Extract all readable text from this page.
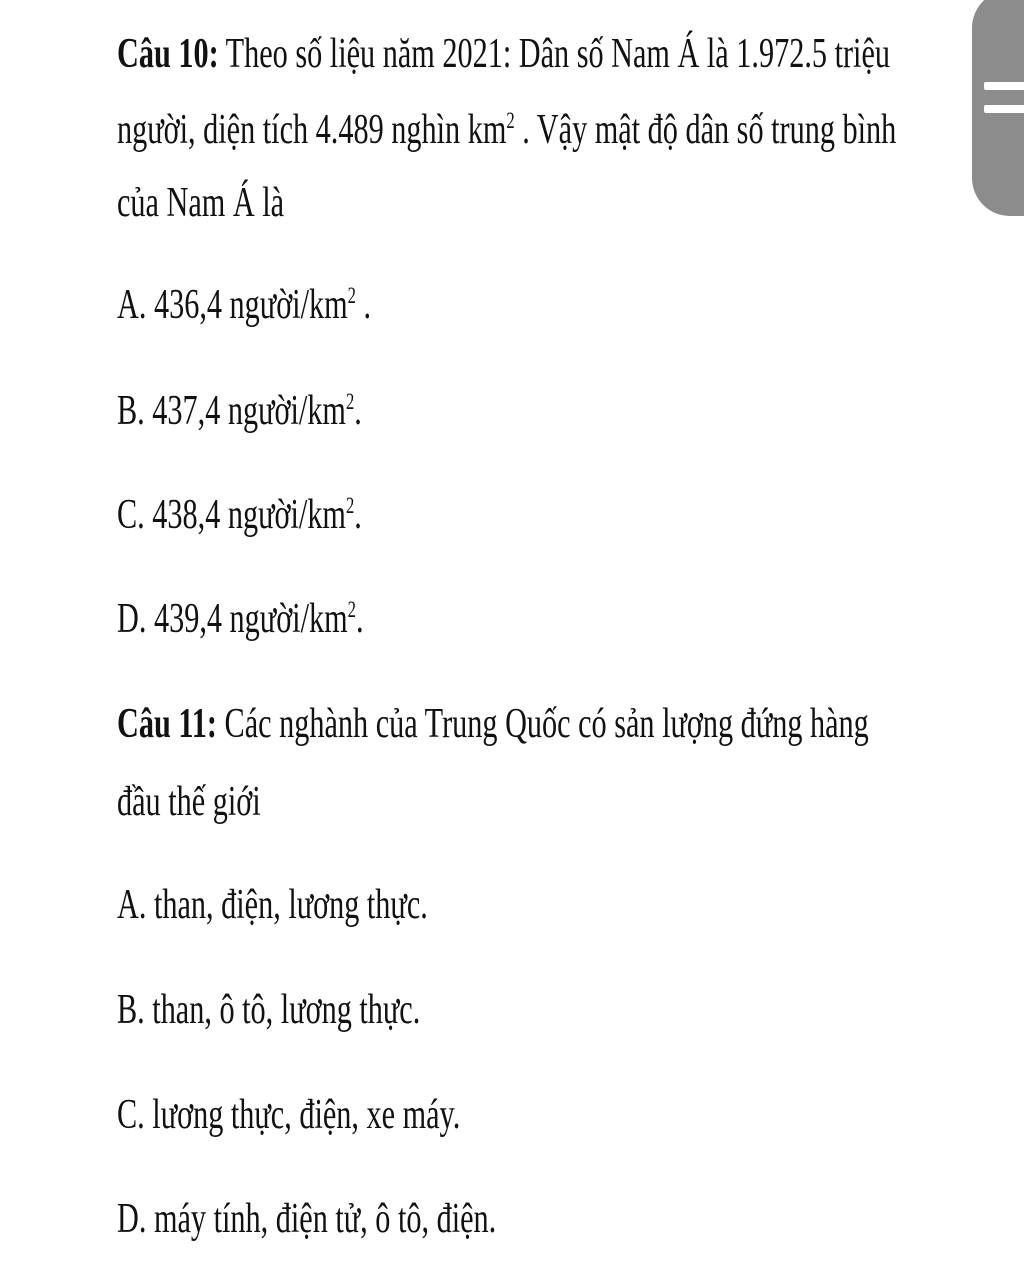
Câu 10: Theo số liệu năm 2021: Dân số Nam Á là 1.972.5 triệu
người, diện tích 4.489 nghìn $km^2$ . Vậy mật độ dân số trung bình
của Nam Á là
A. 436,4 người/$km^2$ .
B. 437,4 người/$km^2$.
C. 438,4 người/$km^2$.
D. 439,4 người/$km^2$.
Câu 11: Các nghành của Trung Quốc có sản lượng đứng hàng
đầu thế giới
A. than, điện, lương thực.
B. than, ô tô, lương thực.
C. lương thực, điện, xe máy.
D. máy tính, điện tử, ô tô, điện.
